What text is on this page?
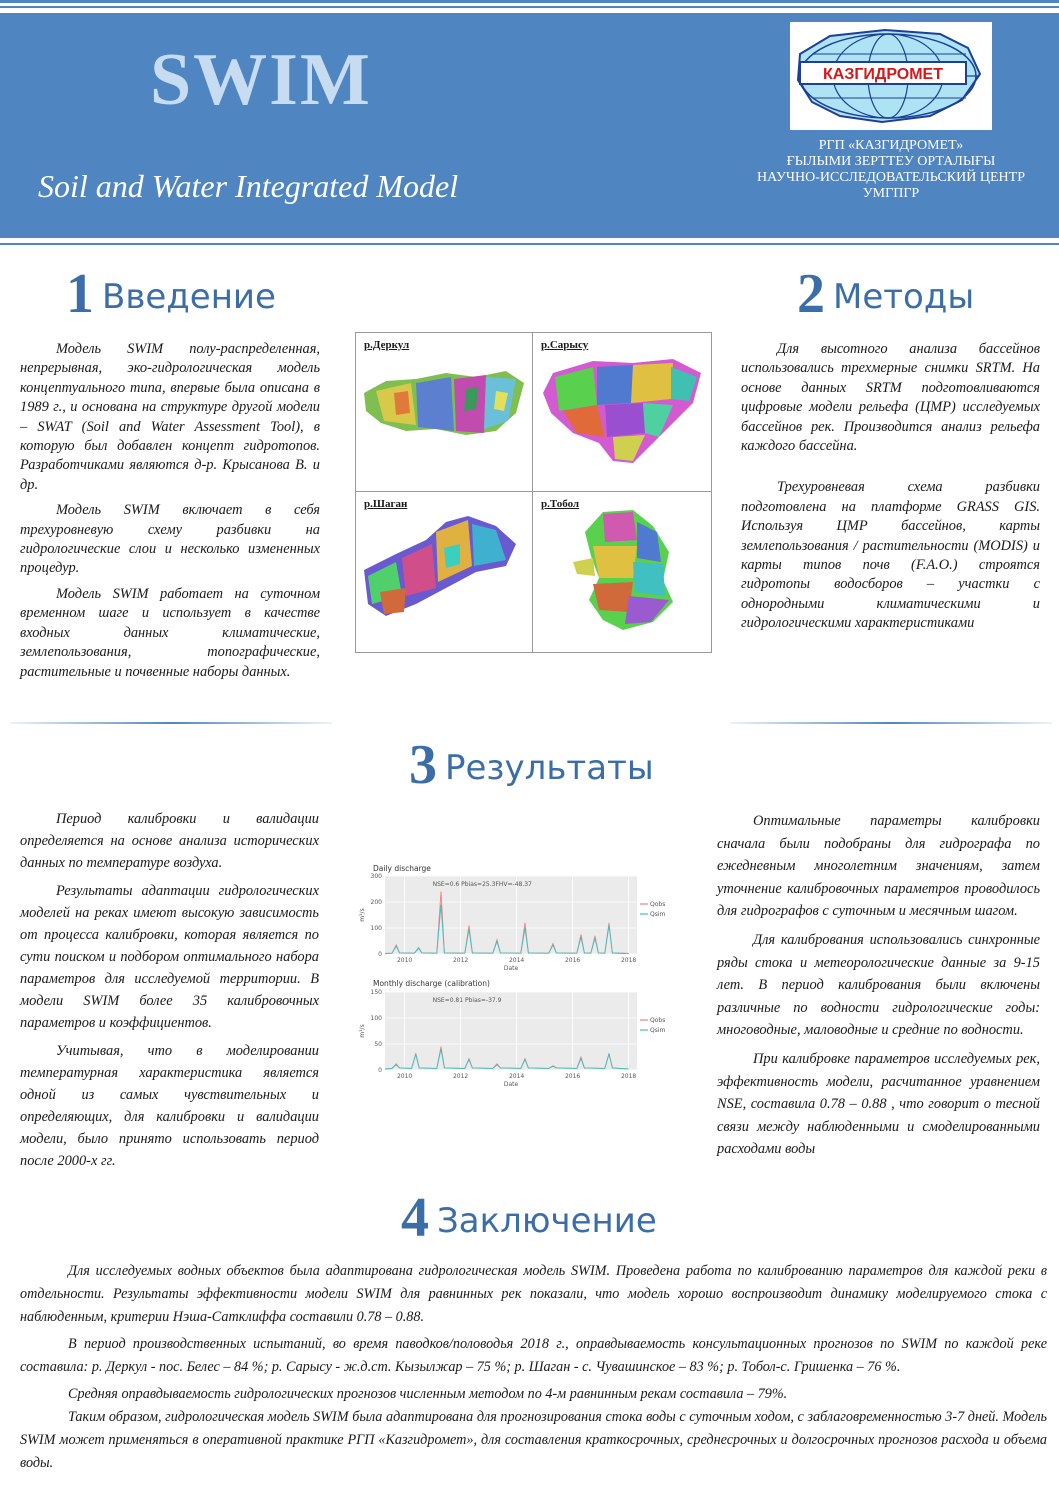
SWIM
Soil and Water Integrated Model
КАЗГИДРОМЕТ
РГП «КАЗГИДРОМЕТ»
ҒЫЛЫМИ ЗЕРТТЕУ ОРТАЛЫҒЫ
НАУЧНО-ИССЛЕДОВАТЕЛЬСКИЙ ЦЕНТР
УМГПГР
1 Введение

Модель SWIM полу-распределенная, непрерывная, эко-гидрологическая модель концептуального типа, впервые была описана в 1989 г., и основана на структуре другой модели – SWAT (Soil and Water Assessment Tool), в которую был добавлен концепт гидротопов. Разработчиками являются д-р. Крысанова В. и др.

Модель SWIM включает в себя трехуровневую схему разбивки на гидрологические слои и несколько измененных процедур.

Модель SWIM работает на суточном временном шаге и использует в качестве входных данных климатические, землепользования, топографические, растительные и почвенные наборы данных.

р.Деркул	р.Сарысу
р.Шаган	р.Тобол
2 Методы

Для высотного анализа бассейнов использовались трехмерные снимки SRTM. На основе данных SRTM подготовливаются цифровые модели рельефа (ЦМР) исследуемых бассейнов рек. Производится анализ рельефа каждого бассейна.

Трехуровневая схема разбивки подготовлена на платформе GRASS GIS. Используя ЦМР бассейнов, карты землепользования / растительности (MODIS) и карты типов почв (F.A.O.) строятся гидротопы водосборов – участки с однородными климатическими и гидрологическими характеристиками

3 Результаты

Период калибровки и валидации определяется на основе анализа исторических данных по температуре воздуха.

Результаты адаптации гидрологических моделей на реках имеют высокую зависимость от процесса калибровки, которая является по сути поиском и подбором оптимального набора параметров для исследуемой территории. В модели SWIM более 35 калибровочных параметров и коэффициентов.

Учитывая, что в моделировании температурная характеристика является одной из самых чувствительных и определяющих, для калибровки и валидации модели, было принято использовать период после 2000-х гг.

Оптимальные параметры калибровки сначала были подобраны для гидрографа по ежедневным многолетним значениям, затем уточнение калибровочных параметров проводилось для гидрографов с суточным и месячным шагом.

Для калибрования использовались синхронные ряды стока и метеорологические данные за 9-15 лет. В период калибрования были включены различные по водности гидрологические годы: многоводные, маловодные и средние по водности.

При калибровке параметров исследуемых рек, эффективность модели, расчитанное уравнением NSE, составила 0.78 – 0.88 , что говорит о тесной связи между наблюденными и смоделированными расходами воды

Daily discharge
0
100
200
300
2010	2012	2014	2016	2018
Date
m³/s
NSE=0.6 Pbias=25.3FHV=-48.37
Qobs
Qsim
Monthly discharge (calibration)
0
50
100
150
2010	2012	2014	2016	2018
Date
m³/s
NSE=0.81 Pbias=-37.9
Qobs
Qsim
4 Заключение

Для исследуемых водных объектов была адаптирована гидрологическая модель SWIM. Проведена работа по калиброванию параметров для каждой реки в отдельности. Результаты эффективности модели SWIM для равнинных рек показали, что модель хорошо воспроизводит динамику моделируемого стока с наблюденным, критерии Нэша-Сатклиффа составили 0.78 – 0.88.

В период производственных испытаний, во время паводков/половодья 2018 г., оправдываемость консультационных прогнозов по SWIM по каждой реке составила: р. Деркул - пос. Белес – 84 %; р. Сарысу - ж.д.ст. Кызылжар – 75 %; р. Шаган - с. Чувашинское – 83 %; р. Тобол-с. Гришенка – 76 %.

Средняя оправдываемость гидрологических прогнозов численным методом по 4-м равнинным рекам составила – 79%.

Таким образом, гидрологическая модель SWIM была адаптирована для прогнозирования стока воды с суточным ходом, с заблаговременностью 3-7 дней. Модель SWIM может применяться в оперативной практике РГП «Казгидромет», для составления краткосрочных, среднесрочных и долгосрочных прогнозов расхода и объема воды.
